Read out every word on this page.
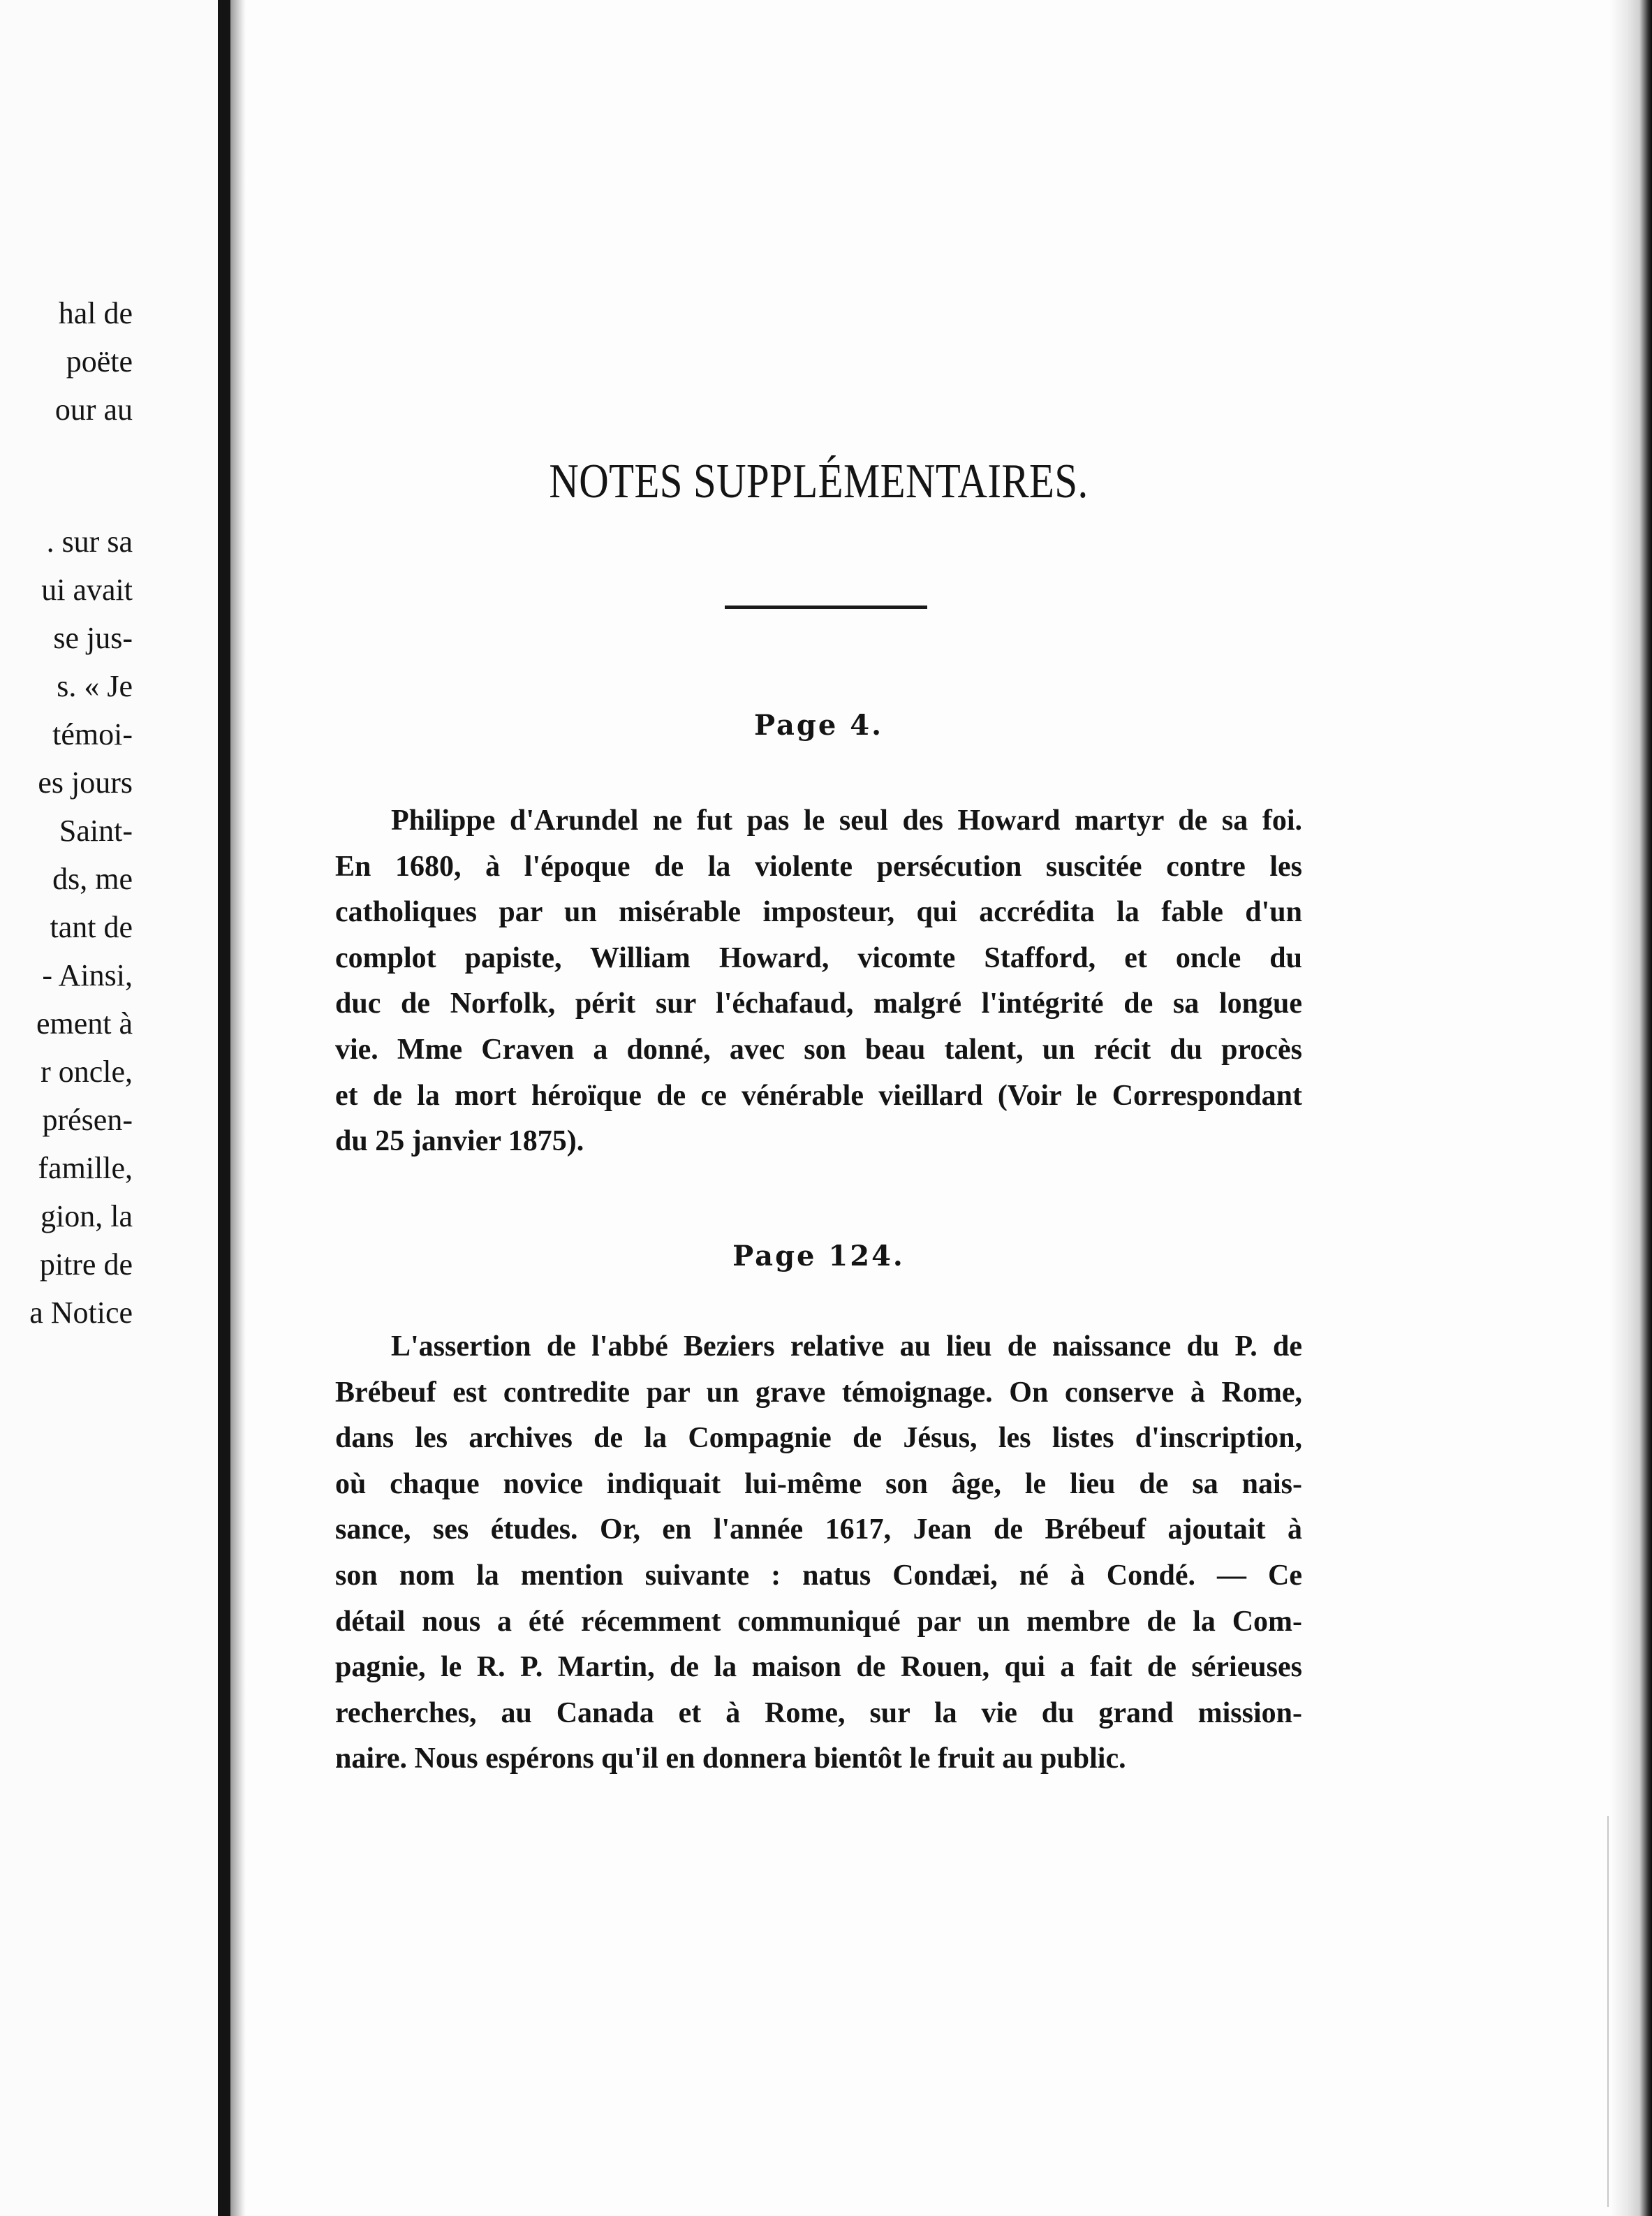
hal de
poëte
our au
. sur sa
ui avait
se jus-
s. « Je
témoi-
es jours
Saint-
ds, me
tant de
- Ainsi,
ement à
r oncle,
présen-
famille,
gion, la
pitre de
a Notice
NOTES SUPPLÉMENTAIRES.
Page 4.
Philippe d'Arundel ne fut pas le seul des Howard martyr de sa foi.
En 1680, à l'époque de la violente persécution suscitée contre les
catholiques par un misérable imposteur, qui accrédita la fable d'un
complot papiste, William Howard, vicomte Stafford, et oncle du
duc de Norfolk, périt sur l'échafaud, malgré l'intégrité de sa longue
vie. Mme Craven a donné, avec son beau talent, un récit du procès
et de la mort héroïque de ce vénérable vieillard (Voir le Correspondant
du 25 janvier 1875).
Page 124.
L'assertion de l'abbé Beziers relative au lieu de naissance du P. de
Brébeuf est contredite par un grave témoignage. On conserve à Rome,
dans les archives de la Compagnie de Jésus, les listes d'inscription,
où chaque novice indiquait lui-même son âge, le lieu de sa nais-
sance, ses études. Or, en l'année 1617, Jean de Brébeuf ajoutait à
son nom la mention suivante : natus Condæi, né à Condé. — Ce
détail nous a été récemment communiqué par un membre de la Com-
pagnie, le R. P. Martin, de la maison de Rouen, qui a fait de sérieuses
recherches, au Canada et à Rome, sur la vie du grand mission-
naire. Nous espérons qu'il en donnera bientôt le fruit au public.
